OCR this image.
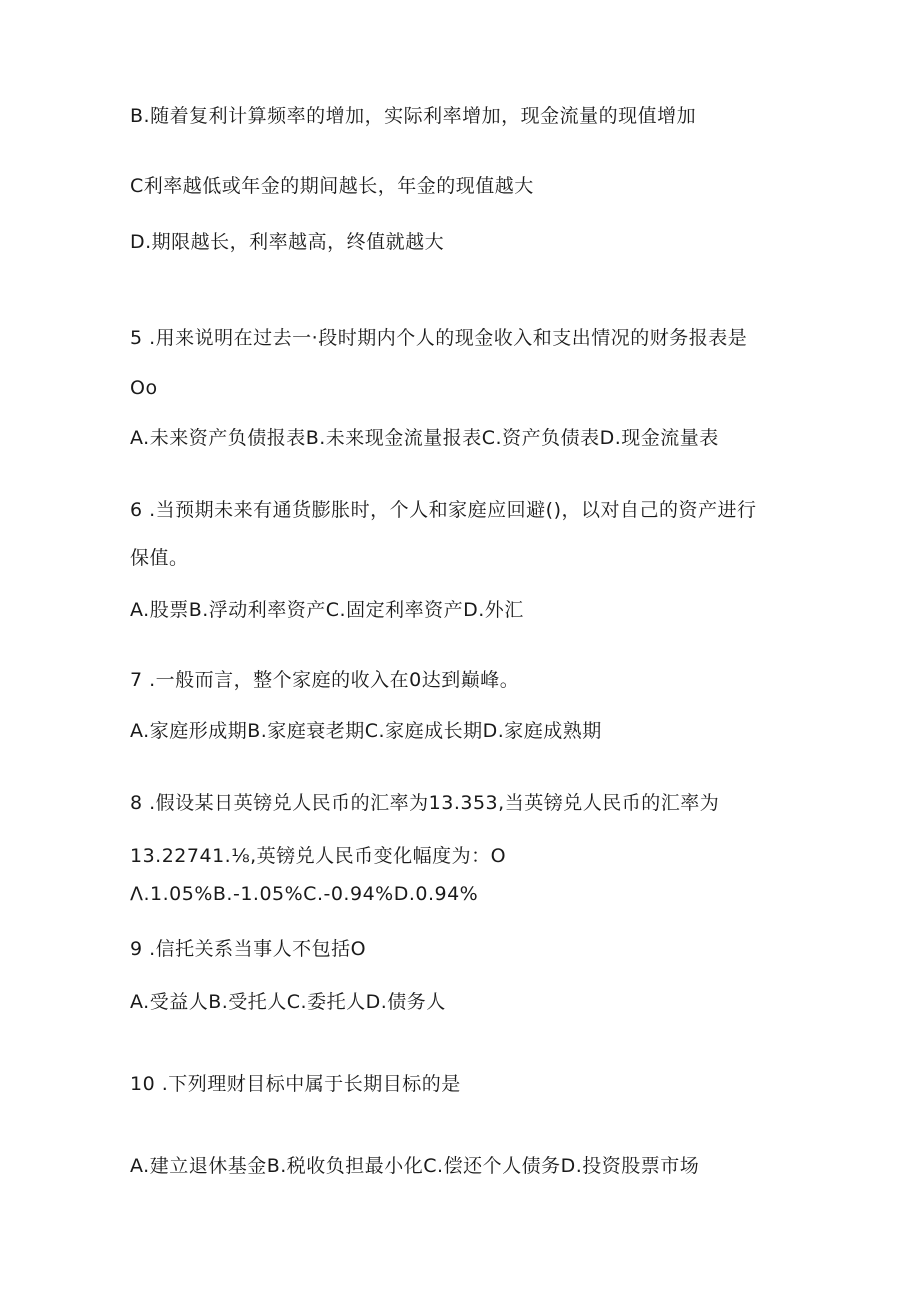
B.随着复利计算频率的增加，实际利率增加，现金流量的现值增加
C利率越低或年金的期间越长，年金的现值越大
D.期限越长，利率越高，终值就越大
5 .用来说明在过去一·段时期内个人的现金收入和支出情况的财务报表是
Oo
A.未来资产负债报表B.未来现金流量报表C.资产负债表D.现金流量表
6 .当预期未来有通货膨胀时，个人和家庭应回避()，以对自己的资产进行
保值。
A.股票B.浮动利率资产C.固定利率资产D.外汇
7 .一般而言，整个家庭的收入在0达到巅峰。
A.家庭形成期B.家庭衰老期C.家庭成长期D.家庭成熟期
8 .假设某日英镑兑人民币的汇率为13.353,当英镑兑人民币的汇率为
13.22741.⅛,英镑兑人民币变化幅度为：O
Λ.1.05%B.-1.05%C.-0.94%D.0.94%
9 .信托关系当事人不包括O
A.受益人B.受托人C.委托人D.债务人
10 .下列理财目标中属于长期目标的是
A.建立退休基金B.税收负担最小化C.偿还个人债务D.投资股票市场
